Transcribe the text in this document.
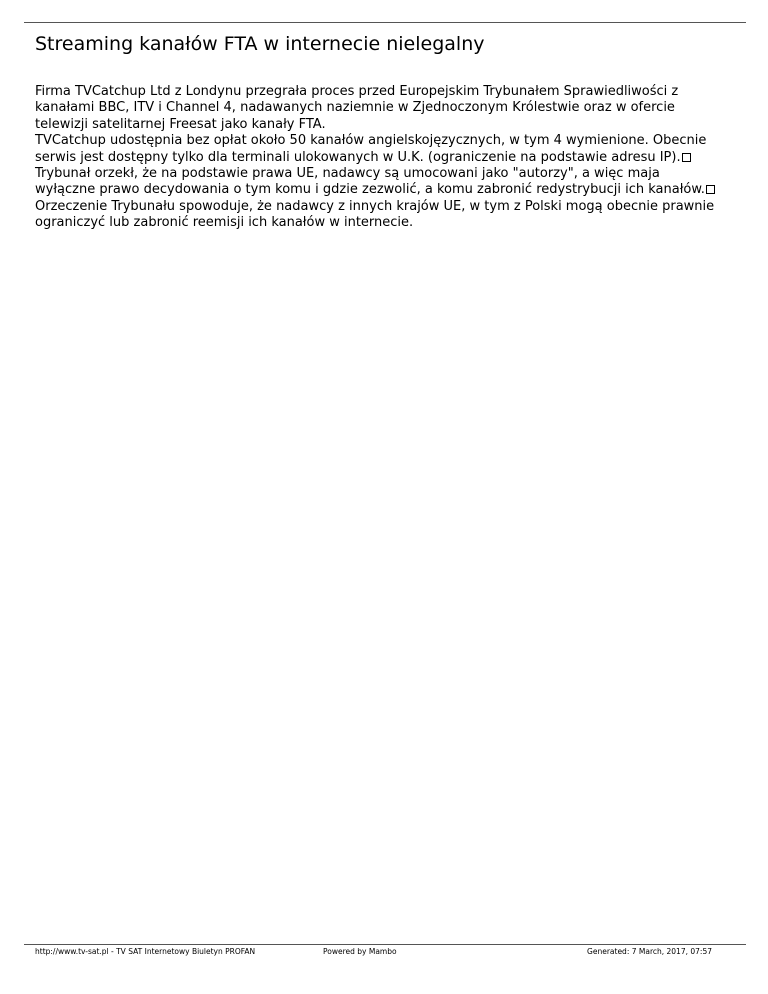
Streaming kanałów FTA w internecie nielegalny
Firma TVCatchup Ltd z Londynu przegrała proces przed Europejskim Trybunałem Sprawiedliwości z
kanałami BBC, ITV i Channel 4, nadawanych naziemnie w Zjednoczonym Królestwie oraz w ofercie
telewizji satelitarnej Freesat jako kanały FTA.
TVCatchup udostępnia bez opłat około 50 kanałów angielskojęzycznych, w tym 4 wymienione. Obecnie
serwis jest dostępny tylko dla terminali ulokowanych w U.K. (ograniczenie na podstawie adresu IP).
Trybunał orzekł, że na podstawie prawa UE, nadawcy są umocowani jako "autorzy", a więc maja
wyłączne prawo decydowania o tym komu i gdzie zezwolić, a komu zabronić redystrybucji ich kanałów.
Orzeczenie Trybunału spowoduje, że nadawcy z innych krajów UE, w tym z Polski mogą obecnie prawnie
ograniczyć lub zabronić reemisji ich kanałów w internecie.
http://www.tv-sat.pl - TV SAT Internetowy Biuletyn PROFAN	Powered by Mambo	Generated: 7 March, 2017, 07:57
